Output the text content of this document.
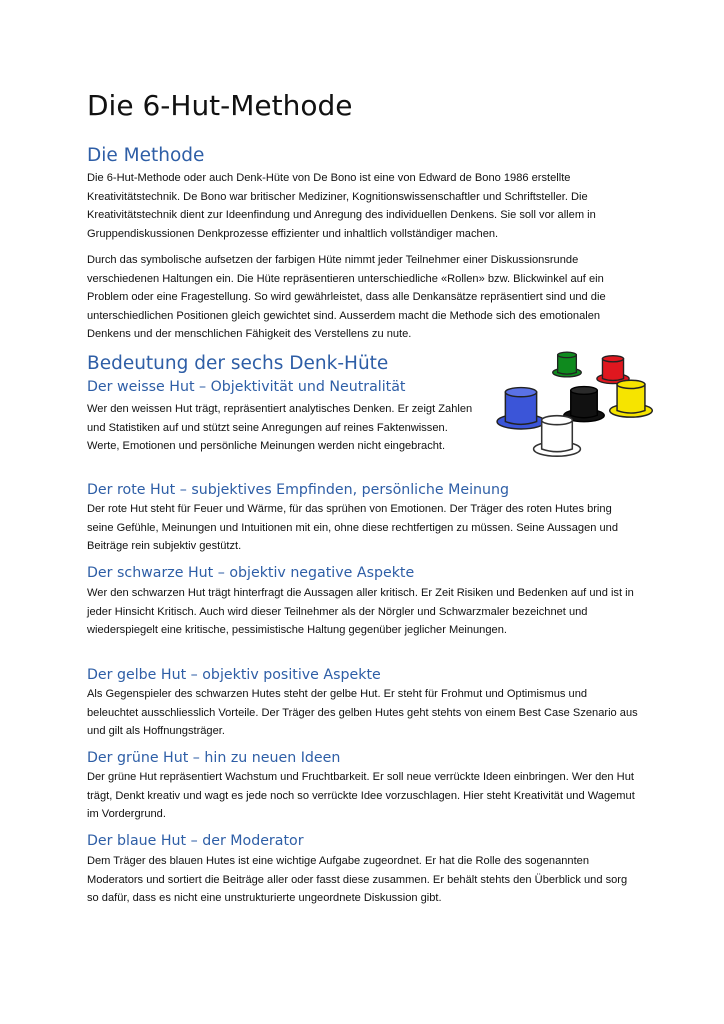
Die 6-Hut-Methode
Die Methode

Die 6-Hut-Methode oder auch Denk-Hüte von De Bono ist eine von Edward de Bono 1986 erstellte Kreativitätstechnik. De Bono war britischer Mediziner, Kognitionswissenschaftler und Schriftsteller. Die Kreativitätstechnik dient zur Ideenfindung und Anregung des individuellen Denkens. Sie soll vor allem in Gruppendiskussionen Denkprozesse effizienter und inhaltlich vollständiger machen.

Durch das symbolische aufsetzen der farbigen Hüte nimmt jeder Teilnehmer einer Diskussionsrunde verschiedenen Haltungen ein. Die Hüte repräsentieren unterschiedliche «Rollen» bzw. Blickwinkel auf ein Problem oder eine Fragestellung. So wird gewährleistet, dass alle Denkansätze repräsentiert sind und die unterschiedlichen Positionen gleich gewichtet sind. Ausserdem macht die Methode sich des emotionalen Denkens und der menschlichen Fähigkeit des Verstellens zu nute.

Bedeutung der sechs Denk-Hüte
Der weisse Hut – Objektivität und Neutralität

Wer den weissen Hut trägt, repräsentiert analytisches Denken. Er zeigt Zahlen und Statistiken auf und stützt seine Anregungen auf reines Faktenwissen. Werte, Emotionen und persönliche Meinungen werden nicht eingebracht.

Der rote Hut – subjektives Empfinden, persönliche Meinung

Der rote Hut steht für Feuer und Wärme, für das sprühen von Emotionen. Der Träger des roten Hutes bring seine Gefühle, Meinungen und Intuitionen mit ein, ohne diese rechtfertigen zu müssen. Seine Aussagen und Beiträge rein subjektiv gestützt.

Der schwarze Hut – objektiv negative Aspekte

Wer den schwarzen Hut trägt hinterfragt die Aussagen aller kritisch. Er Zeit Risiken und Bedenken auf und ist in jeder Hinsicht Kritisch. Auch wird dieser Teilnehmer als der Nörgler und Schwarzmaler bezeichnet und wiederspiegelt eine kritische, pessimistische Haltung gegenüber jeglicher Meinungen.

Der gelbe Hut – objektiv positive Aspekte

Als Gegenspieler des schwarzen Hutes steht der gelbe Hut. Er steht für Frohmut und Optimismus und beleuchtet ausschliesslich Vorteile. Der Träger des gelben Hutes geht stehts von einem Best Case Szenario aus und gilt als Hoffnungsträger.

Der grüne Hut – hin zu neuen Ideen

Der grüne Hut repräsentiert Wachstum und Fruchtbarkeit. Er soll neue verrückte Ideen einbringen. Wer den Hut trägt, Denkt kreativ und wagt es jede noch so verrückte Idee vorzuschlagen. Hier steht Kreativität und Wagemut im Vordergrund.

Der blaue Hut – der Moderator

Dem Träger des blauen Hutes ist eine wichtige Aufgabe zugeordnet. Er hat die Rolle des sogenannten Moderators und sortiert die Beiträge aller oder fasst diese zusammen. Er behält stehts den Überblick und sorg so dafür, dass es nicht eine unstrukturierte ungeordnete Diskussion gibt.
